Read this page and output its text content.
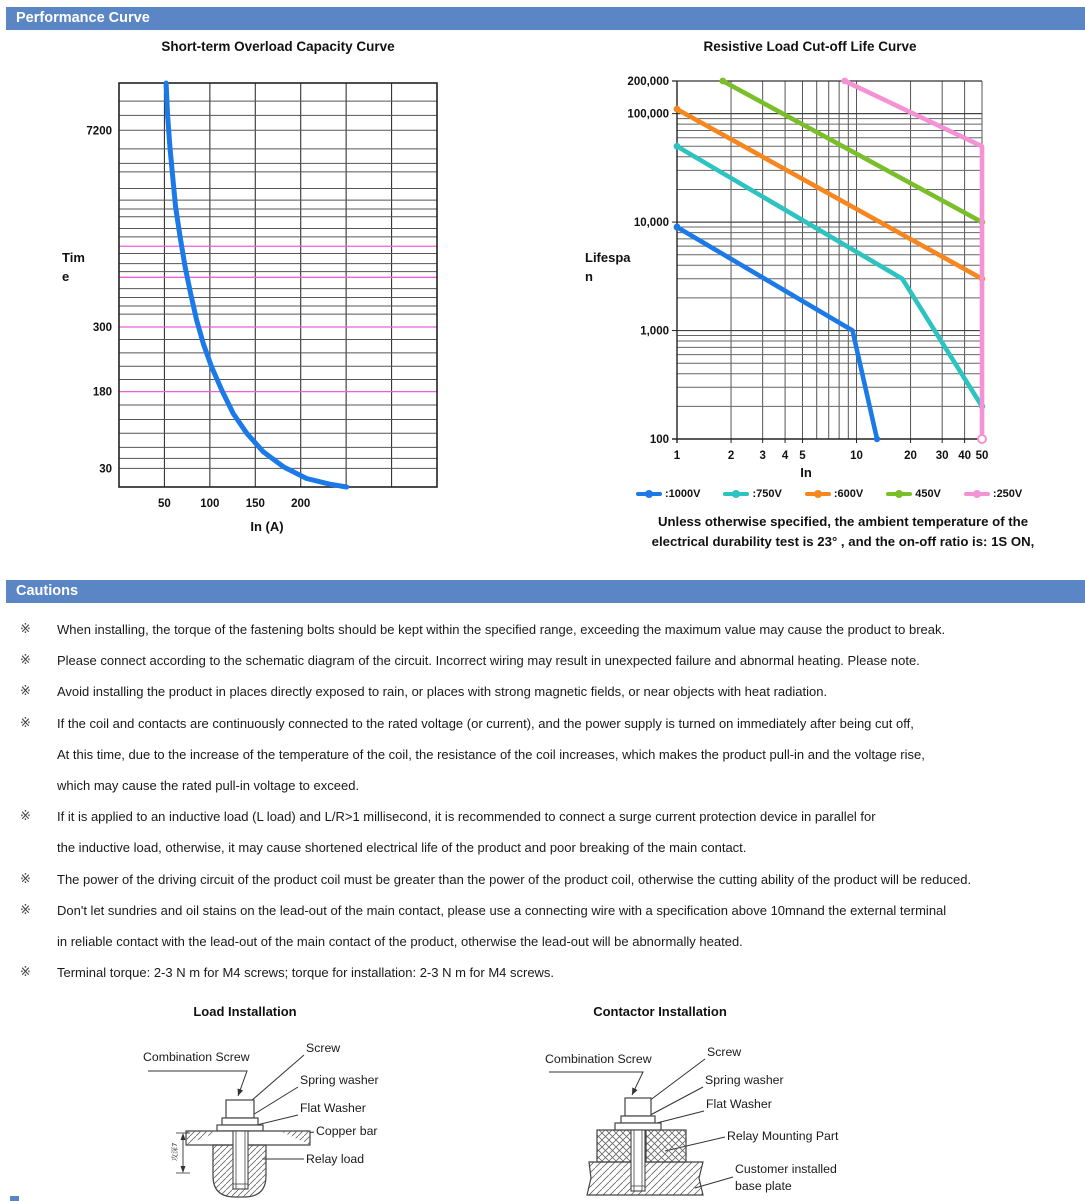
Performance Curve
Short-term Overload Capacity Curve	Resistive Load Cut-off Life Curve
7200
300
180
30
50	100 150 200
Tim
e
In (A)
100
1,000
10,000
100,000
200,000
1	2 3 4 5	10	20 30 40 50
Lifespa
n
In
:1000V	:750V	:600V	450V	:250V
Unless otherwise specified, the ambient temperature of the
electrical durability test is 23° , and the on-off ratio is: 1S ON,
Cautions
※ When installing, the torque of the fastening bolts should be kept within the specified range, exceeding the maximum value may cause the product to break.
※ Please connect according to the schematic diagram of the circuit. Incorrect wiring may result in unexpected failure and abnormal heating. Please note.
※ Avoid installing the product in places directly exposed to rain, or places with strong magnetic fields, or near objects with heat radiation.
※ If the coil and contacts are continuously connected to the rated voltage (or current), and the power supply is turned on immediately after being cut off,
At this time, due to the increase of the temperature of the coil, the resistance of the coil increases, which makes the product pull-in and the voltage rise,
which may cause the rated pull-in voltage to exceed.
※ If it is applied to an inductive load (L load) and L/R>1 millisecond, it is recommended to connect a surge current protection device in parallel for
the inductive load, otherwise, it may cause shortened electrical life of the product and poor breaking of the main contact.
※ The power of the driving circuit of the product coil must be greater than the power of the product coil, otherwise the cutting ability of the product will be reduced.
※ Don't let sundries and oil stains on the lead-out of the main contact, please use a connecting wire with a specification above 10mnand the external terminal
in reliable contact with the lead-out of the main contact of the product, otherwise the lead-out will be abnormally heated.
※ Terminal torque: 2-3 N m for M4 screws; torque for installation: 2-3 N m for M4 screws.
Load Installation	Contactor Installation
攻深7
Combination Screw
Screw
Spring washer
Flat Washer
Copper bar
Relay load
Combination Screw	Screw
Spring washer
Flat Washer
Relay Mounting Part
Customer installed
base plate
